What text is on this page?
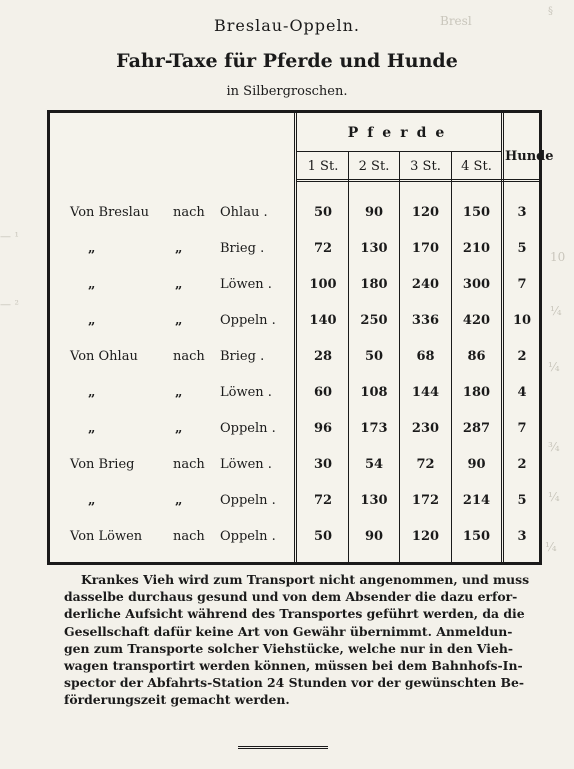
§
Bresl
— ¹
— ²
10
¼
¼
¾
¼
¼
Breslau-Oppeln.
Fahr-Taxe für Pferde und Hunde
in Silbergroschen.
Pferde
1 St.	2 St.	3 St.	4 St.
Hunde
Von Breslau nach Ohlau .	50	90	120	150	3
„	„	Brieg .	72	130	170	210	5
„	„	Löwen .	100	180	240	300	7
„	„	Oppeln .	140	250	336	420	10
Von Ohlau	nach Brieg .	28	50	68	86	2
„	„	Löwen .	60	108	144	180	4
„	„	Oppeln .	96	173	230	287	7
Von Brieg	nach Löwen .	30	54	72	90	2
„	„	Oppeln .	72	130	172	214	5
Von Löwen nach Oppeln .	50	90	120	150	3
Krankes Vieh wird zum Transport nicht angenommen, und muss
dasselbe durchaus gesund und von dem Absender die dazu erfor-
derliche Aufsicht während des Transportes geführt werden, da die
Gesellschaft dafür keine Art von Gewähr übernimmt. Anmeldun-
gen zum Transporte solcher Viehstücke, welche nur in den Vieh-
wagen transportirt werden können, müssen bei dem Bahnhofs-In-
spector der Abfahrts-Station 24 Stunden vor der gewünschten Be-
förderungszeit gemacht werden.
